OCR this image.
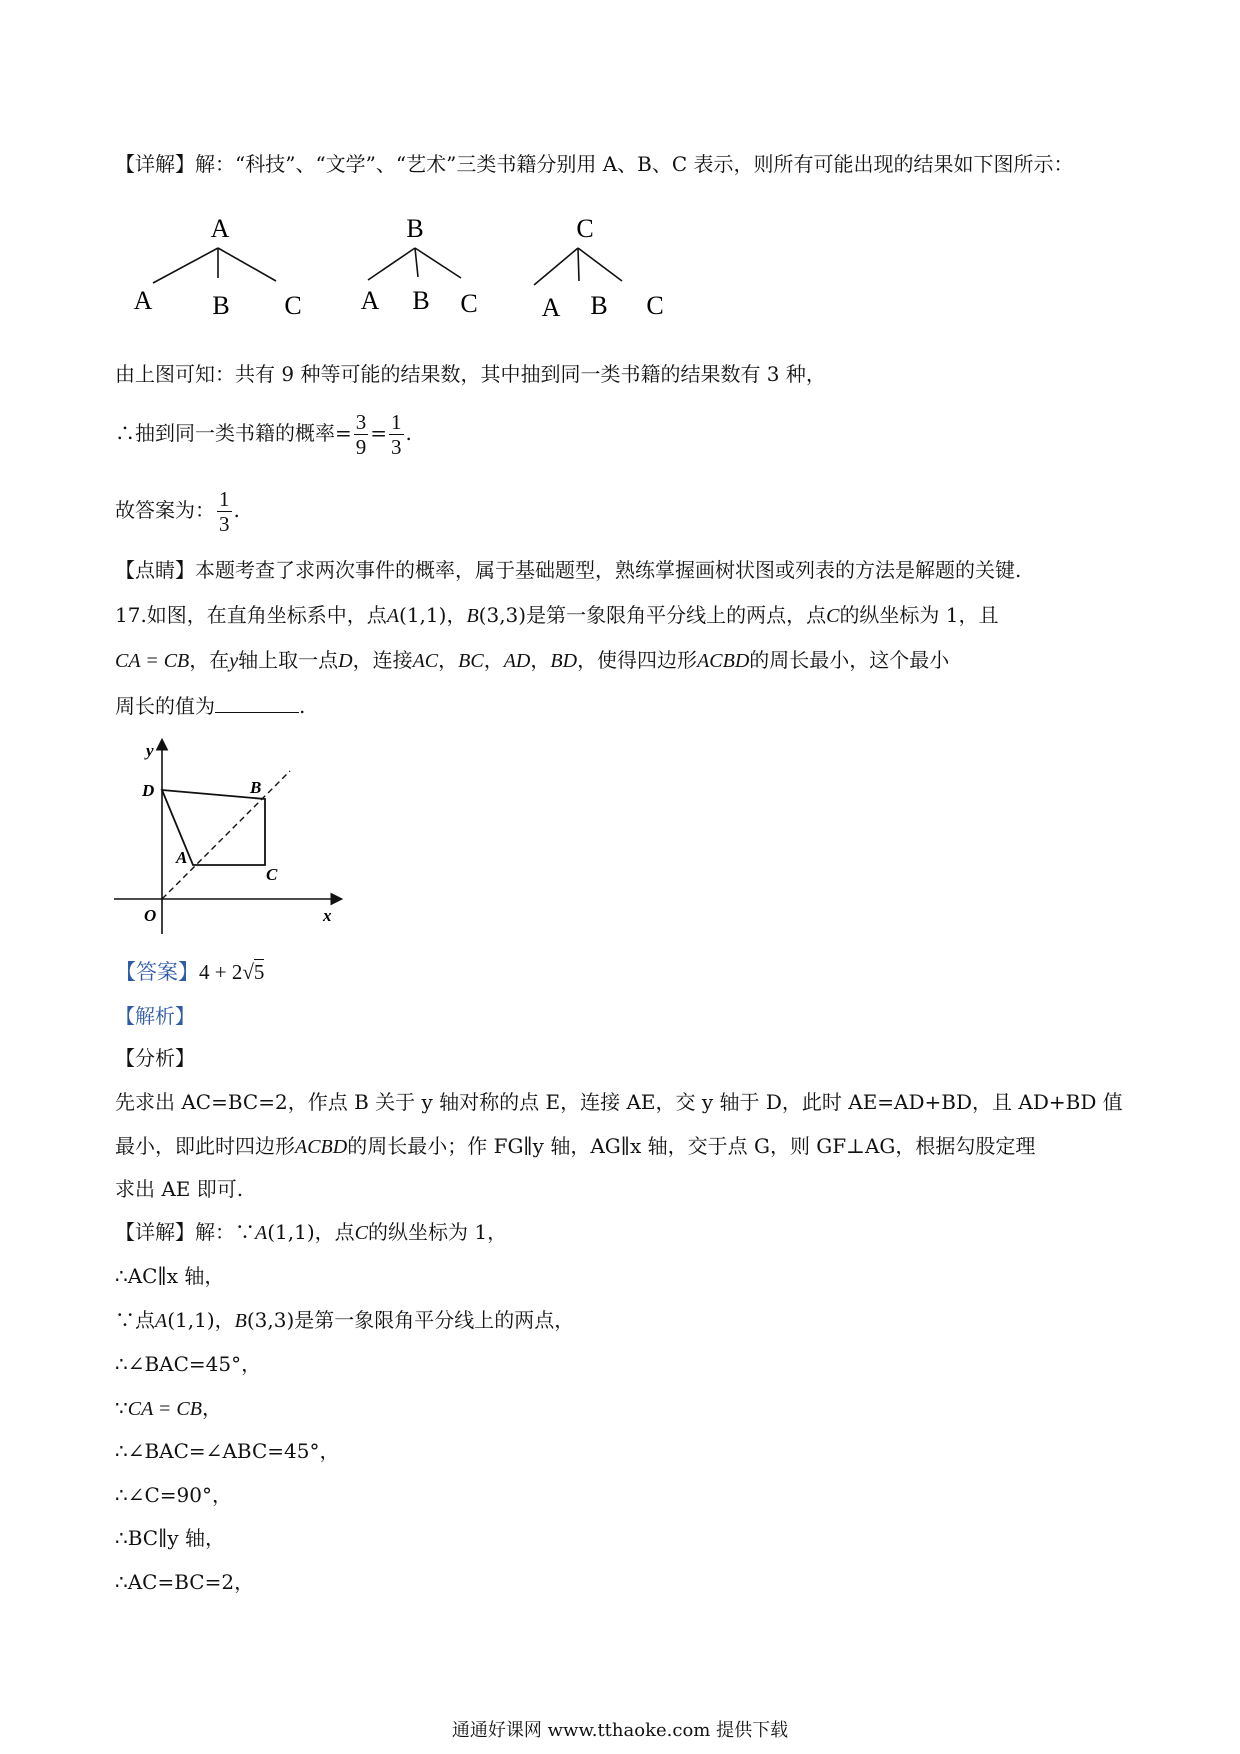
【详解】解：“科技”、“文学”、“艺术”三类书籍分别用 A、B、C 表示，则所有可能出现的结果如下图所示：
A
A B C
B
A B C
C
A B C
由上图可知：共有 9 种等可能的结果数，其中抽到同一类书籍的结果数有 3 种，
∴抽到同一类书籍的概率= $\frac{3}{9} = \frac{1}{3}$ .
故答案为： $\frac{1}{3}$ .
【点睛】本题考查了求两次事件的概率，属于基础题型，熟练掌握画树状图或列表的方法是解题的关键.
17.如图，在直角坐标系中，点A(1,1)，B(3,3)是第一象限角平分线上的两点，点C的纵坐标为 1，且
CA = CB，在y轴上取一点D，连接AC，BC，AD，BD，使得四边形ACBD的周长最小，这个最小
周长的值为	.
y
x
O
D	B
A
C
【答案】4 + 2√5
【解析】
【分析】
先求出 AC=BC=2，作点 B 关于 y 轴对称的点 E，连接 AE，交 y 轴于 D，此时 AE=AD+BD，且 AD+BD 值
最小，即此时四边形ACBD的周长最小；作 FG∥y 轴，AG∥x 轴，交于点 G，则 GF⊥AG，根据勾股定理
求出 AE 即可.
【详解】解：∵A(1,1)，点C的纵坐标为 1，
∴AC∥x 轴，
∵点A(1,1)，B(3,3)是第一象限角平分线上的两点，
∴∠BAC=45°，
∵CA = CB，
∴∠BAC=∠ABC=45°，
∴∠C=90°，
∴BC∥y 轴，
∴AC=BC=2，
通通好课网 www.tthaoke.com 提供下载
